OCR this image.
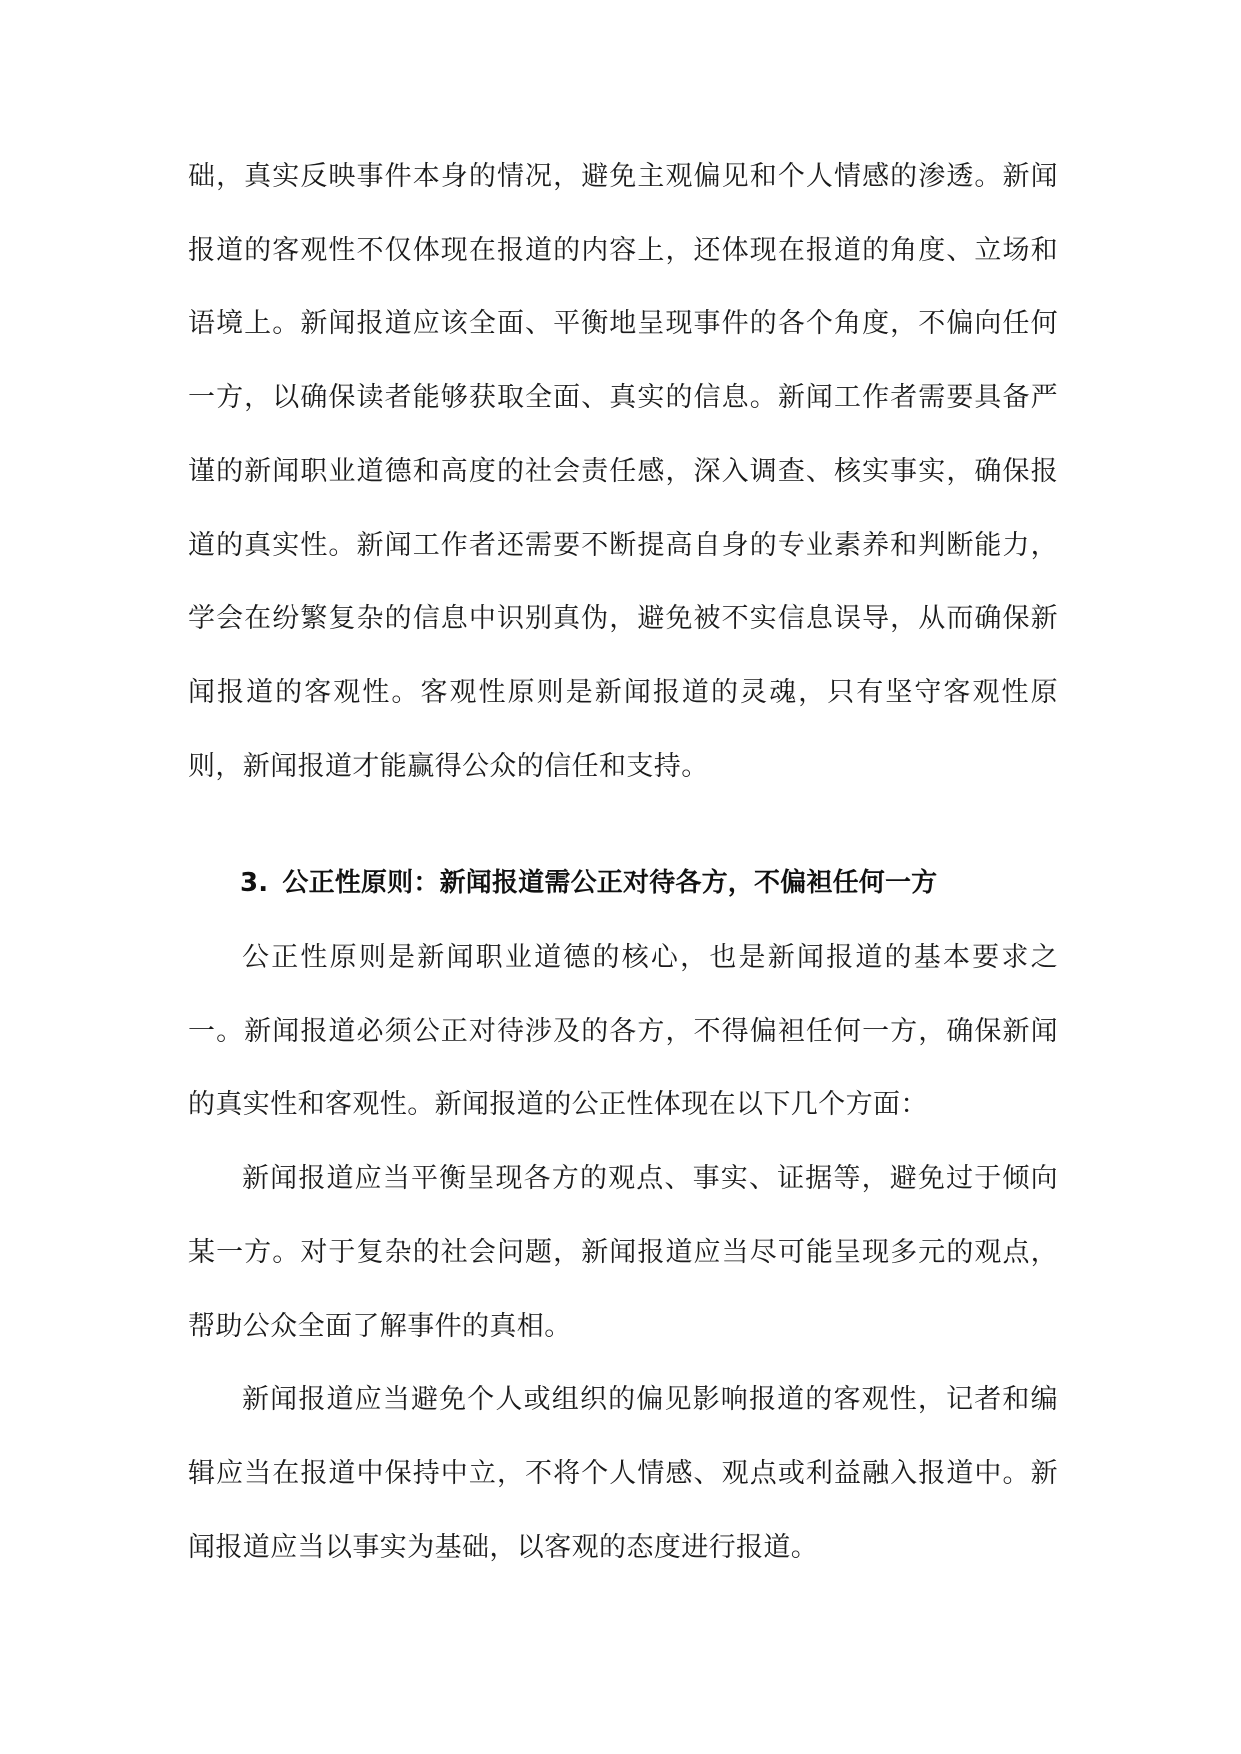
础，真实反映事件本身的情况，避免主观偏见和个人情感的渗透。新闻报道的客观性不仅体现在报道的内容上，还体现在报道的角度、立场和语境上。新闻报道应该全面、平衡地呈现事件的各个角度，不偏向任何一方，以确保读者能够获取全面、真实的信息。新闻工作者需要具备严谨的新闻职业道德和高度的社会责任感，深入调查、核实事实，确保报道的真实性。新闻工作者还需要不断提高自身的专业素养和判断能力，学会在纷繁复杂的信息中识别真伪，避免被不实信息误导，从而确保新闻报道的客观性。客观性原则是新闻报道的灵魂，只有坚守客观性原则，新闻报道才能赢得公众的信任和支持。

3. 公正性原则：新闻报道需公正对待各方，不偏袒任何一方

公正性原则是新闻职业道德的核心，也是新闻报道的基本要求之一。新闻报道必须公正对待涉及的各方，不得偏袒任何一方，确保新闻的真实性和客观性。新闻报道的公正性体现在以下几个方面：

新闻报道应当平衡呈现各方的观点、事实、证据等，避免过于倾向某一方。对于复杂的社会问题，新闻报道应当尽可能呈现多元的观点，帮助公众全面了解事件的真相。

新闻报道应当避免个人或组织的偏见影响报道的客观性，记者和编辑应当在报道中保持中立，不将个人情感、观点或利益融入报道中。新闻报道应当以事实为基础，以客观的态度进行报道。
